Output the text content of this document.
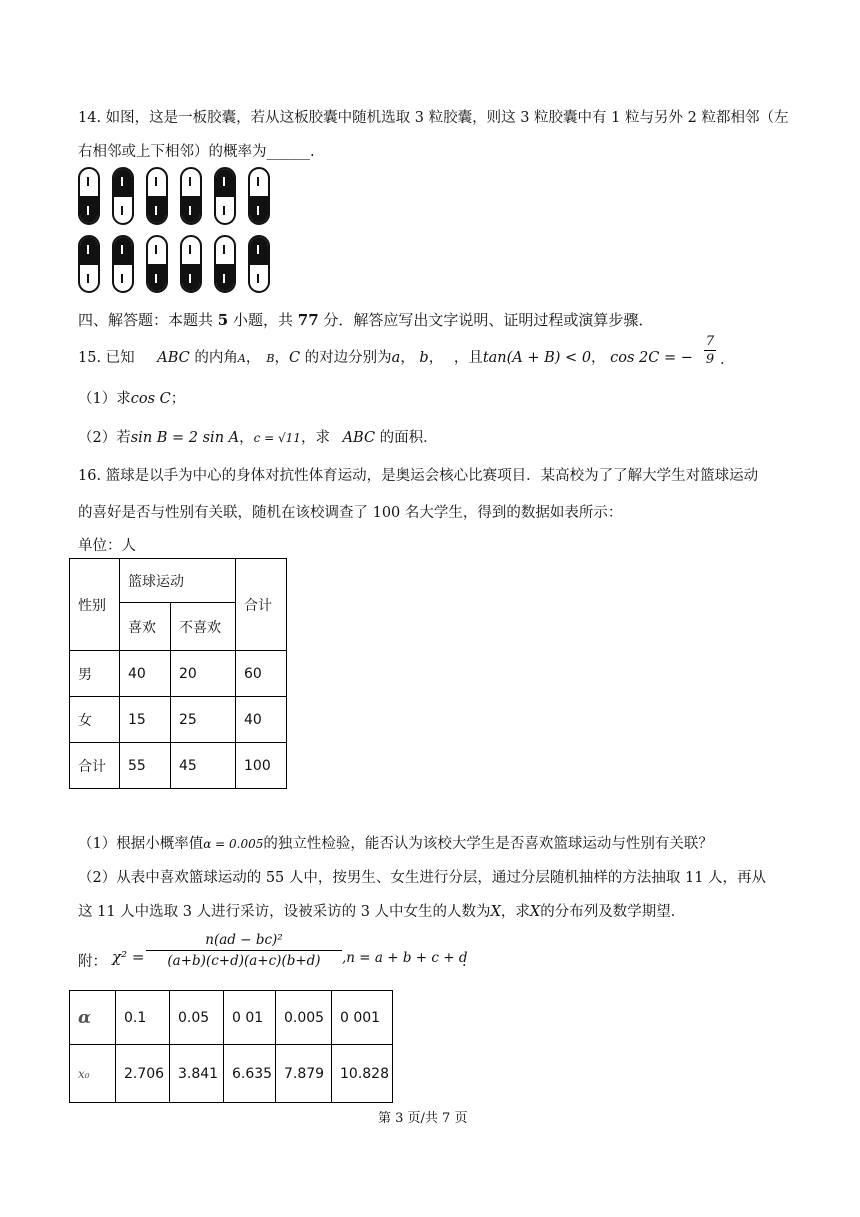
14. 如图，这是一板胶囊，若从这板胶囊中随机选取 3 粒胶囊，则这 3 粒胶囊中有 1 粒与另外 2 粒都相邻（左
右相邻或上下相邻）的概率为______.
四、解答题：本题共 5 小题，共 77 分．解答应写出文字说明、证明过程或演算步骤．
15. 已知 ABC 的内角A， B，C 的对边分别为a， b， ，且tan(A + B) < 0， cos 2C = −
7
9 ．
（1）求cos C；
（2）若sin B = 2 sin A，c = √11，求 ABC 的面积．
16. 篮球是以手为中心的身体对抗性体育运动，是奥运会核心比赛项目．某高校为了了解大学生对篮球运动
的喜好是否与性别有关联，随机在该校调查了 100 名大学生，得到的数据如表所示：
单位：人
性别	篮球运动		合计
	喜欢	不喜欢	
男	40	20	60
女	15	25	40
合计	55	45	100
（1）根据小概率值α = 0.005的独立性检验，能否认为该校大学生是否喜欢篮球运动与性别有关联？
（2）从表中喜欢篮球运动的 55 人中，按男生、女生进行分层，通过分层随机抽样的方法抽取 11 人，再从
这 11 人中选取 3 人进行采访，设被采访的 3 人中女生的人数为X，求X的分布列及数学期望．
附： χ² =
n(ad − bc)²
(a+b)(c+d)(a+c)(b+d)	,n = a + b + c + d
．
α	0.1	0.05	0 01	0.005	0 001
x₀	2.706	3.841	6.635	7.879	10.828
第 3 页/共 7 页
